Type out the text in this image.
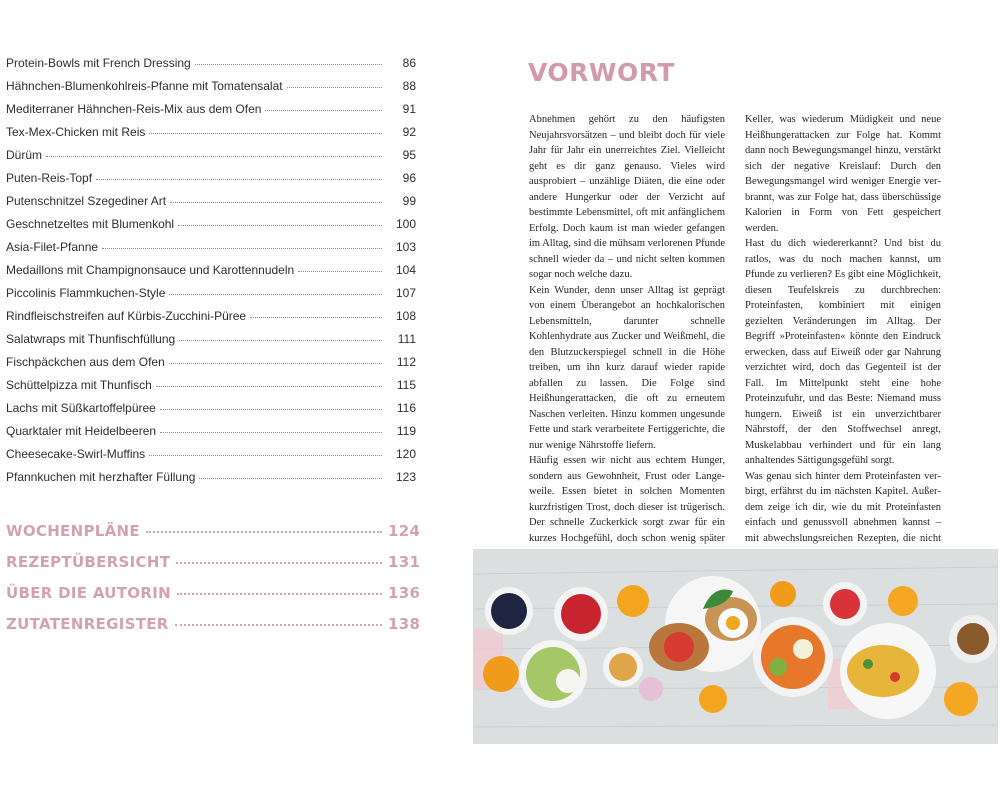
Protein-Bowls mit French Dressing	86
Hähnchen-Blumenkohlreis-Pfanne mit Tomatensalat	88
Mediterraner Hähnchen-Reis-Mix aus dem Ofen	91
Tex-Mex-Chicken mit Reis	92
Dürüm	95
Puten-Reis-Topf	96
Putenschnitzel Szegediner Art	99
Geschnetzeltes mit Blumenkohl	100
Asia-Filet-Pfanne	103
Medaillons mit Champignonsauce und Karottennudeln	104
Piccolinis Flammkuchen-Style	107
Rindfleischstreifen auf Kürbis-Zucchini-Püree	108
Salatwraps mit Thunfischfüllung	111
Fischpäckchen aus dem Ofen	112
Schüttelpizza mit Thunfisch	115
Lachs mit Süßkartoffelpüree	116
Quarktaler mit Heidelbeeren	119
Cheesecake-Swirl-Muffins	120
Pfannkuchen mit herzhafter Füllung	123
WOCHENPLÄNE	124
REZEPTÜBERSICHT	131
ÜBER DIE AUTORIN	136
ZUTATENREGISTER	138
VORWORT

Abnehmen gehört zu den häufigsten Neujahrsvorsätzen – und bleibt doch für viele Jahr für Jahr ein unerreichtes Ziel. Vielleicht geht es dir ganz genauso. Vieles wird ausprobiert – unzählige Diäten, die eine oder andere Hungerkur oder der Verzicht auf bestimmte Lebensmittel, oft mit anfänglichem Erfolg. Doch kaum ist man wieder gefangen im Alltag, sind die mühsam verlorenen Pfunde schnell wieder da – und nicht selten kommen sogar noch welche dazu.

Kein Wunder, denn unser Alltag ist geprägt von einem Überangebot an hochkalorischen Lebensmitteln, darunter schnelle Kohlenhydrate aus Zucker und Weißmehl, die den Blutzuckerspiegel schnell in die Höhe treiben, um ihn kurz darauf wieder rapide abfallen zu lassen. Die Folge sind Heißhungerattacken, die oft zu erneutem Naschen verleiten. Hinzu kommen ungesunde Fette und stark verarbeitete Fertiggerichte, die nur wenige Nährstoffe liefern.

Häufig essen wir nicht aus echtem Hunger, sondern aus Gewohnheit, Frust oder Langeweile. Essen bietet in solchen Momenten kurzfristigen Trost, doch dieser ist trügerisch. Der schnelle Zuckerkick sorgt zwar für ein kurzes Hochgefühl, doch schon wenig später

Keller, was wiederum Müdigkeit und neue Heißhungerattacken zur Folge hat. Kommt dann noch Bewegungsmangel hinzu, verstärkt sich der negative Kreislauf: Durch den Bewegungsmangel wird weniger Energie verbrannt, was zur Folge hat, dass überschüssige Kalorien in Form von Fett gespeichert werden.

Hast du dich wiedererkannt? Und bist du ratlos, was du noch machen kannst, um Pfunde zu verlieren? Es gibt eine Möglichkeit, diesen Teufelskreis zu durchbrechen: Proteinfasten, kombiniert mit einigen gezielten Veränderungen im Alltag. Der Begriff »Proteinfasten« könnte den Eindruck erwecken, dass auf Eiweiß oder gar Nahrung verzichtet wird, doch das Gegenteil ist der Fall. Im Mittelpunkt steht eine hohe Proteinzufuhr, und das Beste: Niemand muss hungern. Eiweiß ist ein unverzichtbarer Nährstoff, der den Stoffwechsel anregt, Muskelabbau verhindert und für ein lang anhaltendes Sättigungsgefühl sorgt.

Was genau sich hinter dem Proteinfasten verbirgt, erfährst du im nächsten Kapitel. Außerdem zeige ich dir, wie du mit Proteinfasten einfach und genussvoll abnehmen kannst – mit abwechslungsreichen Rezepten, die nicht
